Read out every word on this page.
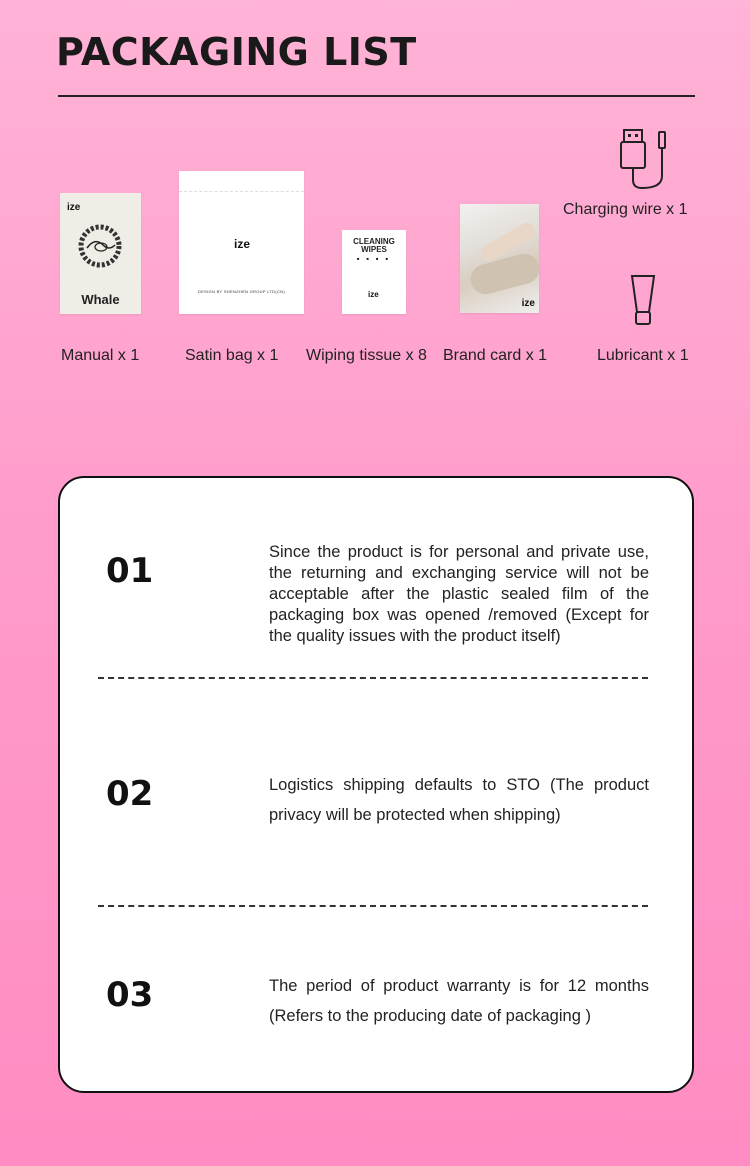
PACKAGING LIST
ize
Whale
Manual x 1
ize
DESIGN BY SHENZHEN GROUP LTD(CN)
Satin bag x 1
CLEANING WIPES
■ ■ ■ ■
ize
Wiping tissue x 8
ize
Brand card x 1
Charging wire x 1
Lubricant x 1
01	Since the product is for personal and private use, the returning and exchanging service will not be acceptable after the plastic sealed film of the packaging box was opened /removed (Except for the quality issues with the product itself)

02	Logistics shipping defaults to STO (The product privacy will be protected when shipping)

03	The period of product warranty is for 12 months (Refers to the producing date of packaging )
